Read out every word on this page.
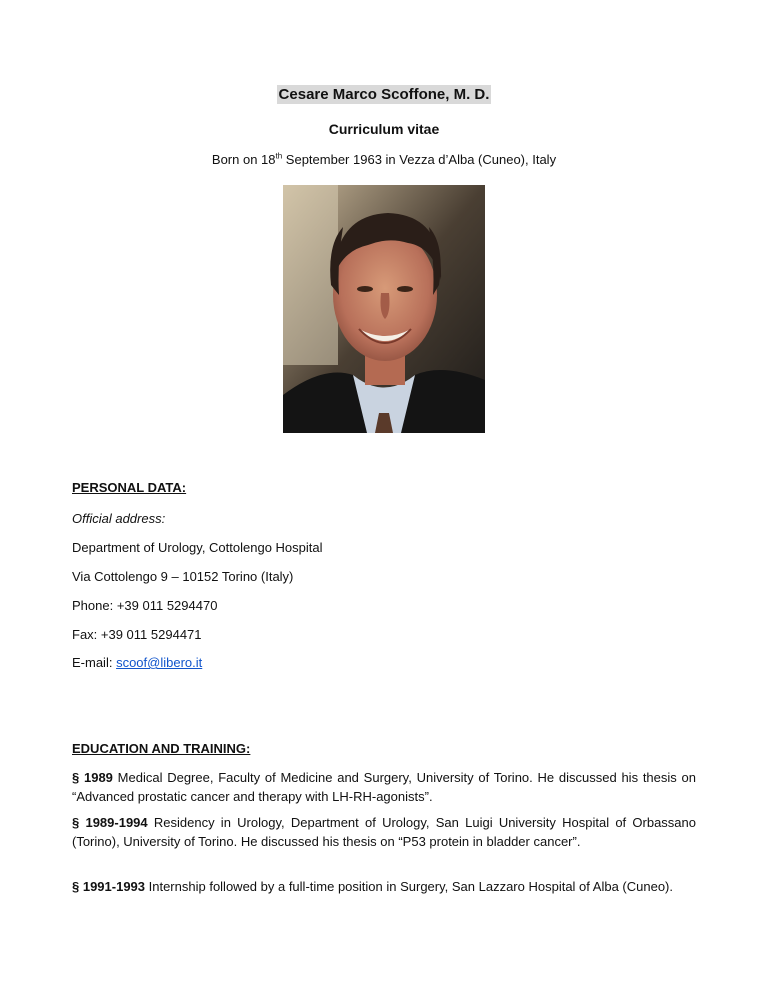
Cesare Marco Scoffone, M. D.
Curriculum vitae
Born on 18th September 1963 in Vezza d’Alba (Cuneo), Italy
PERSONAL DATA:
Official address:
Department of Urology, Cottolengo Hospital
Via Cottolengo 9 – 10152 Torino (Italy)
Phone: +39 011 5294470
Fax: +39 011 5294471
E-mail: scoof@libero.it
EDUCATION AND TRAINING:
§ 1989 Medical Degree, Faculty of Medicine and Surgery, University of Torino. He discussed his thesis on “Advanced prostatic cancer and therapy with LH-RH-agonists”.
§ 1989-1994 Residency in Urology, Department of Urology, San Luigi University Hospital of Orbassano (Torino), University of Torino. He discussed his thesis on “P53 protein in bladder cancer”.
§ 1991-1993 Internship followed by a full-time position in Surgery, San Lazzaro Hospital of Alba (Cuneo).
